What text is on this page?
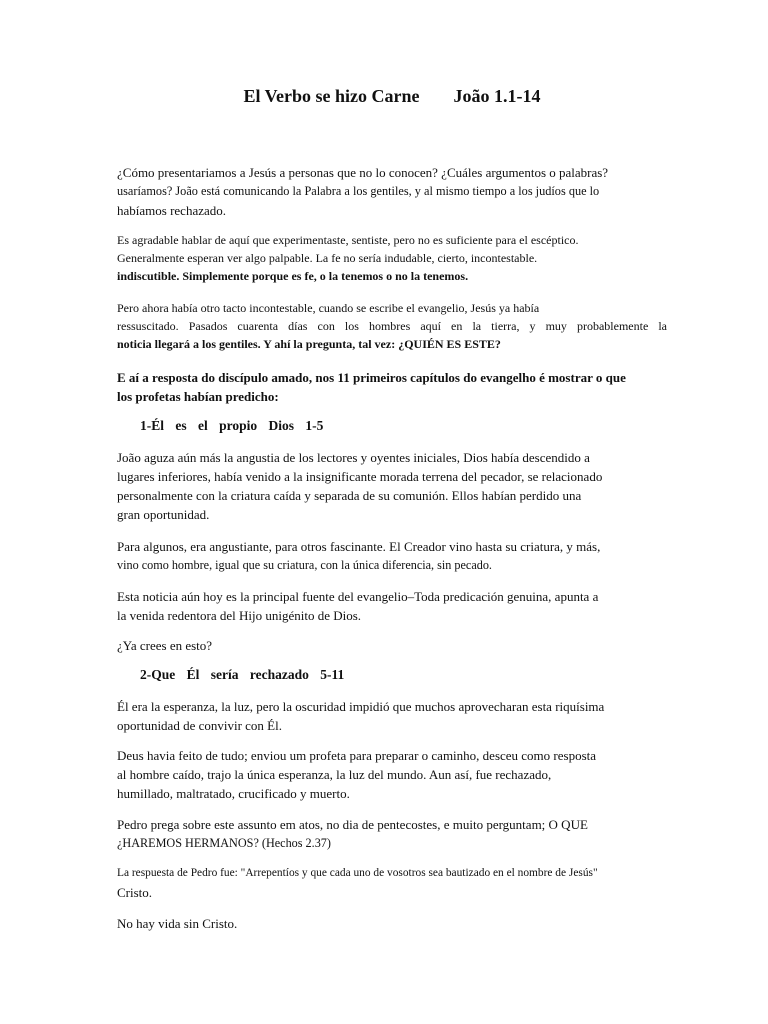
El Verbo se hizo Carne João 1.1-14
¿Cómo presentariamos a Jesús a personas que no lo conocen? ¿Cuáles argumentos o palabras?
usaríamos? João está comunicando la Palabra a los gentiles, y al mismo tiempo a los judíos que lo
habíamos rechazado.
Es agradable hablar de aquí que experimentaste, sentiste, pero no es suficiente para el escéptico.
Generalmente esperan ver algo palpable. La fe no sería indudable, cierto, incontestable.
indiscutible. Simplemente porque es fe, o la tenemos o no la tenemos.
Pero ahora había otro tacto incontestable, cuando se escribe el evangelio, Jesús ya había
ressuscitado. Pasados cuarenta días con los hombres aquí en la tierra, y muy probablemente la
noticia llegará a los gentiles. Y ahí la pregunta, tal vez: ¿QUIÉN ES ESTE?
E aí a resposta do discípulo amado, nos 11 primeiros capítulos do evangelho é mostrar o que
los profetas habían predicho:

1-Él es el propio Dios 1-5

João aguza aún más la angustia de los lectores y oyentes iniciales, Dios había descendido a
lugares inferiores, había venido a la insignificante morada terrena del pecador, se relacionado
personalmente con la criatura caída y separada de su comunión. Ellos habían perdido una
gran oportunidad.
Para algunos, era angustiante, para otros fascinante. El Creador vino hasta su criatura, y más,
vino como hombre, igual que su criatura, con la única diferencia, sin pecado.
Esta noticia aún hoy es la principal fuente del evangelio–Toda predicación genuina, apunta a
la venida redentora del Hijo unigénito de Dios.
¿Ya crees en esto?

2-Que Él sería rechazado 5-11

Él era la esperanza, la luz, pero la oscuridad impidió que muchos aprovecharan esta riquísima
oportunidad de convivir con Él.
Deus havia feito de tudo; enviou um profeta para preparar o caminho, desceu como resposta
al hombre caído, trajo la única esperanza, la luz del mundo. Aun así, fue rechazado,
humillado, maltratado, crucificado y muerto.
Pedro prega sobre este assunto em atos, no dia de pentecostes, e muito perguntam; O QUE
¿HAREMOS HERMANOS? (Hechos 2.37)
La respuesta de Pedro fue: "Arrepentíos y que cada uno de vosotros sea bautizado en el nombre de Jesús"
Cristo.
No hay vida sin Cristo.
